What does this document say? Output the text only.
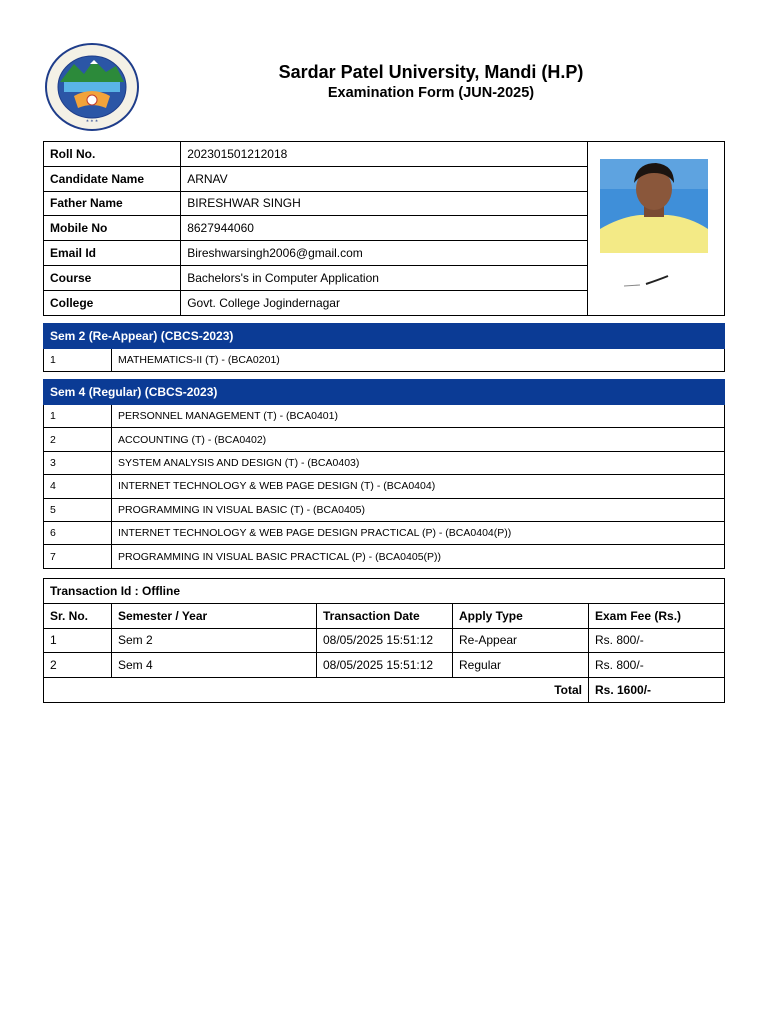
∗ ∗ ∗
Sardar Patel University, Mandi (H.P)
Examination Form (JUN-2025)
Roll No.	202301501212018	

Candidate Name	ARNAV	
Father Name	BIRESHWAR SINGH	
Mobile No	8627944060	
Email Id	Bireshwarsingh2006@gmail.com	
Course	Bachelors's in Computer Application	
College	Govt. College Jogindernagar	
Sem 2 (Re-Appear) (CBCS-2023)
1	MATHEMATICS-II (T) - (BCA0201)
Sem 4 (Regular) (CBCS-2023)	
1	PERSONNEL MANAGEMENT (T) - (BCA0401)
2	ACCOUNTING (T) - (BCA0402)
3	SYSTEM ANALYSIS AND DESIGN (T) - (BCA0403)
4	INTERNET TECHNOLOGY & WEB PAGE DESIGN (T) - (BCA0404)
5	PROGRAMMING IN VISUAL BASIC (T) - (BCA0405)
6	INTERNET TECHNOLOGY & WEB PAGE DESIGN PRACTICAL (P) - (BCA0404(P))
7	PROGRAMMING IN VISUAL BASIC PRACTICAL (P) - (BCA0405(P))
Transaction Id : Offline				
Sr. No.	Semester / Year	Transaction Date	Apply Type	Exam Fee (Rs.)
1	Sem 2	08/05/2025 15:51:12	Re-Appear	Rs. 800/-
2	Sem 4	08/05/2025 15:51:12	Regular	Rs. 800/-
Total				Rs. 1600/-
